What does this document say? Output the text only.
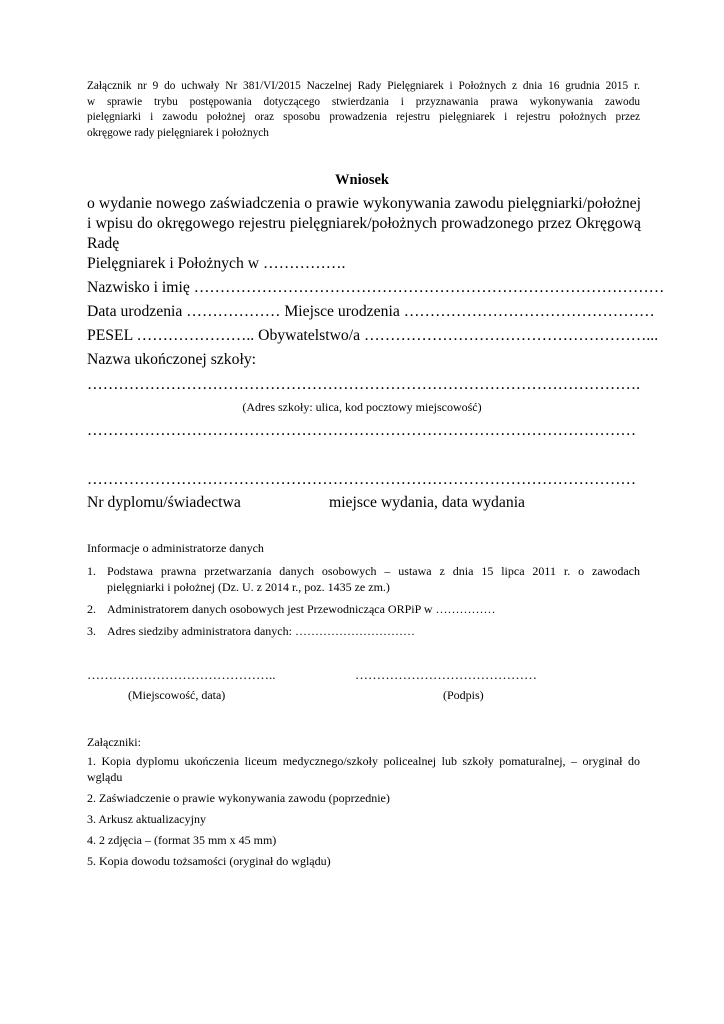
Załącznik nr 9 do uchwały Nr 381/VI/2015 Naczelnej Rady Pielęgniarek i Położnych z dnia 16 grudnia 2015 r.
w sprawie trybu postępowania dotyczącego stwierdzania i przyznawania prawa wykonywania zawodu
pielęgniarki i zawodu położnej oraz sposobu prowadzenia rejestru pielęgniarek i rejestru położnych przez
okręgowe rady pielęgniarek i położnych
Wniosek
o wydanie nowego zaświadczenia o prawie wykonywania zawodu pielęgniarki/położnej
i wpisu do okręgowego rejestru pielęgniarek/położnych prowadzonego przez Okręgową Radę
Pielęgniarek i Położnych w …………….
Nazwisko i imię ………………………………………………………………………………
Data urodzenia ……………… Miejsce urodzenia …………………………………………
PESEL ………………….. Obywatelstwo/a ………………………………………………...
Nazwa ukończonej szkoły:
…………………………………………………………………………………………….
(Adres szkoły: ulica, kod pocztowy miejscowość)
……………………………………………………………………………………………
……………………………………………………………………………………………
Nr dyplomu/świadectwa	miejsce wydania, data wydania
Informacje o administratorze danych
1. Podstawa prawna przetwarzania danych osobowych – ustawa z dnia 15 lipca 2011 r. o zawodach
pielęgniarki i położnej (Dz. U. z 2014 r., poz. 1435 ze zm.)
2. Administratorem danych osobowych jest Przewodnicząca ORPiP w ……………
3. Adres siedziby administratora danych: …………………………
……………………………………..	……………………………………
(Miejscowość, data)	(Podpis)
Załączniki:
1. Kopia dyplomu ukończenia liceum medycznego/szkoły policealnej lub szkoły pomaturalnej, – oryginał do
wglądu
2. Zaświadczenie o prawie wykonywania zawodu (poprzednie)
3. Arkusz aktualizacyjny
4. 2 zdjęcia – (format 35 mm x 45 mm)
5. Kopia dowodu tożsamości (oryginał do wglądu)
